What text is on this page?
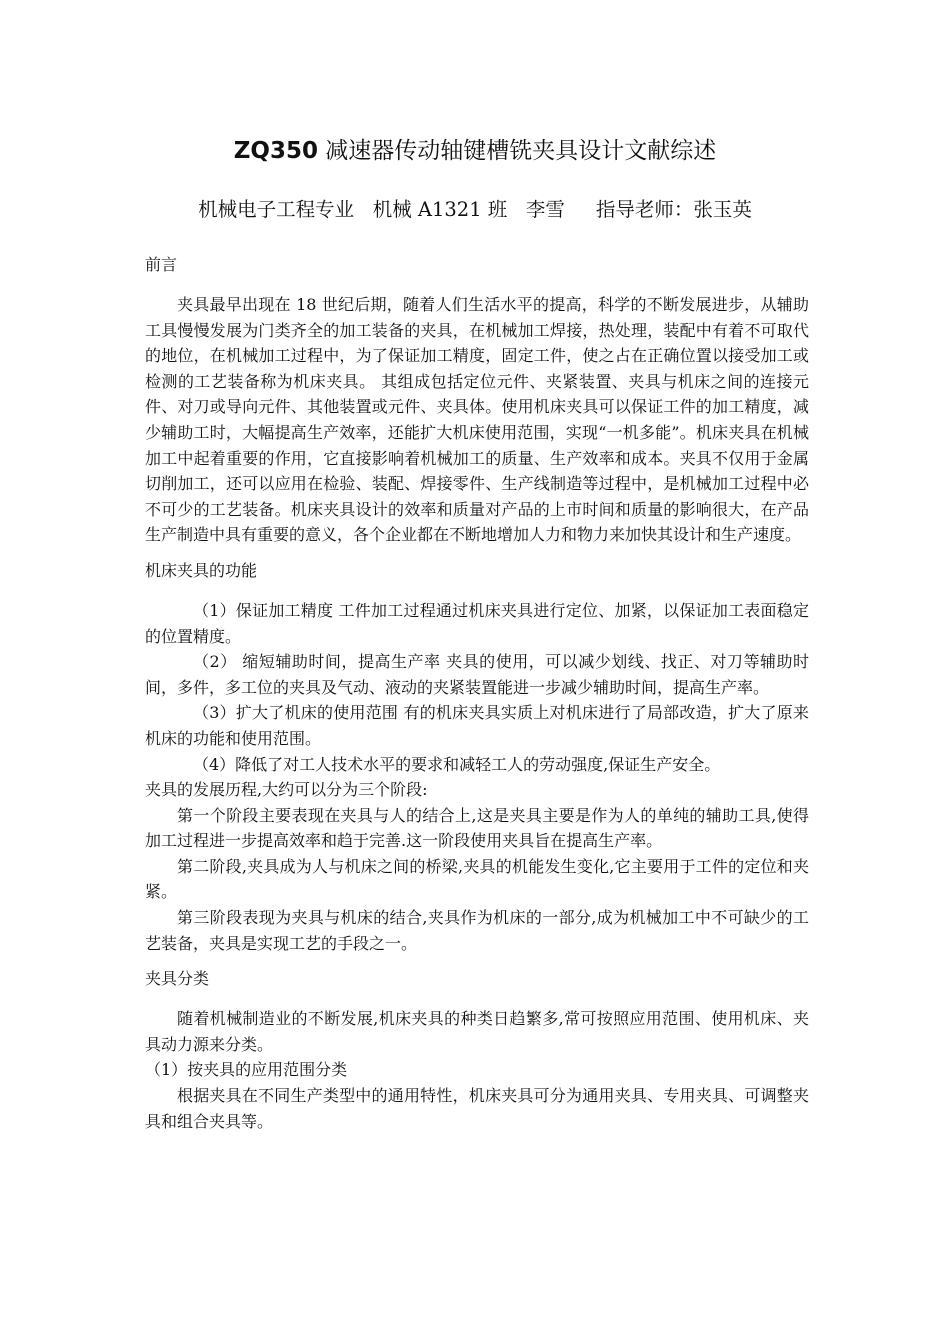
ZQ350 减速器传动轴键槽铣夹具设计文献综述
机械电子工程专业   机械 A1321 班   李雪     指导老师：张玉英
前言

夹具最早出现在 18 世纪后期，随着人们生活水平的提高，科学的不断发展进步，从辅助工具慢慢发展为门类齐全的加工装备的夹具，在机械加工焊接，热处理，装配中有着不可取代的地位，在机械加工过程中，为了保证加工精度，固定工件，使之占在正确位置以接受加工或检测的工艺装备称为机床夹具。 其组成包括定位元件、夹紧装置、夹具与机床之间的连接元件、对刀或导向元件、其他装置或元件、夹具体。使用机床夹具可以保证工件的加工精度，减少辅助工时，大幅提高生产效率，还能扩大机床使用范围，实现“一机多能”。机床夹具在机械加工中起着重要的作用，它直接影响着机械加工的质量、生产效率和成本。夹具不仅用于金属切削加工，还可以应用在检验、装配、焊接零件、生产线制造等过程中，是机械加工过程中必不可少的工艺装备。机床夹具设计的效率和质量对产品的上市时间和质量的影响很大，在产品生产制造中具有重要的意义，各个企业都在不断地增加人力和物力来加快其设计和生产速度。

机床夹具的功能

（1）保证加工精度 工件加工过程通过机床夹具进行定位、加紧，以保证加工表面稳定的位置精度。

（2） 缩短辅助时间，提高生产率 夹具的使用，可以减少划线、找正、对刀等辅助时间，多件，多工位的夹具及气动、液动的夹紧装置能进一步减少辅助时间，提高生产率。

（3）扩大了机床的使用范围 有的机床夹具实质上对机床进行了局部改造，扩大了原来机床的功能和使用范围。

（4）降低了对工人技术水平的要求和减轻工人的劳动强度,保证生产安全。

夹具的发展历程,大约可以分为三个阶段:

第一个阶段主要表现在夹具与人的结合上,这是夹具主要是作为人的单纯的辅助工具,使得加工过程进一步提高效率和趋于完善.这一阶段使用夹具旨在提高生产率。

第二阶段,夹具成为人与机床之间的桥梁,夹具的机能发生变化,它主要用于工件的定位和夹紧。

第三阶段表现为夹具与机床的结合,夹具作为机床的一部分,成为机械加工中不可缺少的工艺装备，夹具是实现工艺的手段之一。

夹具分类

随着机械制造业的不断发展,机床夹具的种类日趋繁多,常可按照应用范围、使用机床、夹具动力源来分类。

（1）按夹具的应用范围分类

根据夹具在不同生产类型中的通用特性，机床夹具可分为通用夹具、专用夹具、可调整夹具和组合夹具等。
